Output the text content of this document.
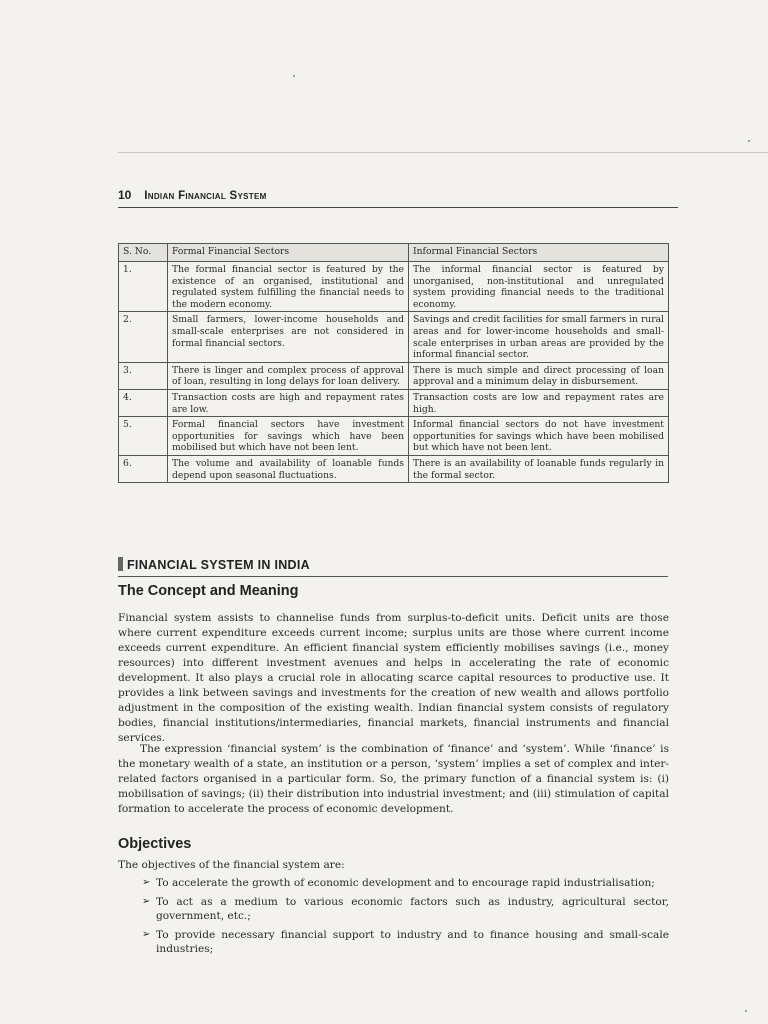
10 Indian Financial System
S. No.	Formal Financial Sectors	Informal Financial Sectors
1.	The formal financial sector is featured by the existence of an organised, institutional and regulated system fulfilling the financial needs to the modern economy.	The informal financial sector is featured by unorganised, non-institutional and unregulated system providing financial needs to the traditional economy.
2.	Small farmers, lower-income households and small-scale enterprises are not considered in formal financial sectors.	Savings and credit facilities for small farmers in rural areas and for lower-income households and small-scale enterprises in urban areas are provided by the informal financial sector.
3.	There is linger and complex process of approval of loan, resulting in long delays for loan delivery.	There is much simple and direct processing of loan approval and a minimum delay in disbursement.
4.	Transaction costs are high and repayment rates are low.	Transaction costs are low and repayment rates are high.
5.	Formal financial sectors have investment opportunities for savings which have been mobilised but which have not been lent.	Informal financial sectors do not have investment opportunities for savings which have been mobilised but which have not been lent.
6.	The volume and availability of loanable funds depend upon seasonal fluctuations.	There is an availability of loanable funds regularly in the formal sector.
FINANCIAL SYSTEM IN INDIA
The Concept and Meaning
Financial system assists to channelise funds from surplus-to-deficit units. Deficit units are those where current expenditure exceeds current income; surplus units are those where current income exceeds current expenditure. An efficient financial system efficiently mobilises savings (i.e., money resources) into different investment avenues and helps in accelerating the rate of economic development. It also plays a crucial role in allocating scarce capital resources to productive use. It provides a link between savings and investments for the creation of new wealth and allows portfolio adjustment in the composition of the existing wealth. Indian financial system consists of regulatory bodies, financial institutions/intermediaries, financial markets, financial instruments and financial services.
The expression ‘financial system’ is the combination of ‘finance’ and ‘system’. While ‘finance’ is the monetary wealth of a state, an institution or a person, ‘system’ implies a set of complex and inter-related factors organised in a particular form. So, the primary function of a financial system is: (i) mobilisation of savings; (ii) their distribution into industrial investment; and (iii) stimulation of capital formation to accelerate the process of economic development.
Objectives
The objectives of the financial system are:
➢ To accelerate the growth of economic development and to encourage rapid industrialisation;
➢ To act as a medium to various economic factors such as industry, agricultural sector, government, etc.;
➢ To provide necessary financial support to industry and to finance housing and small-scale industries;
